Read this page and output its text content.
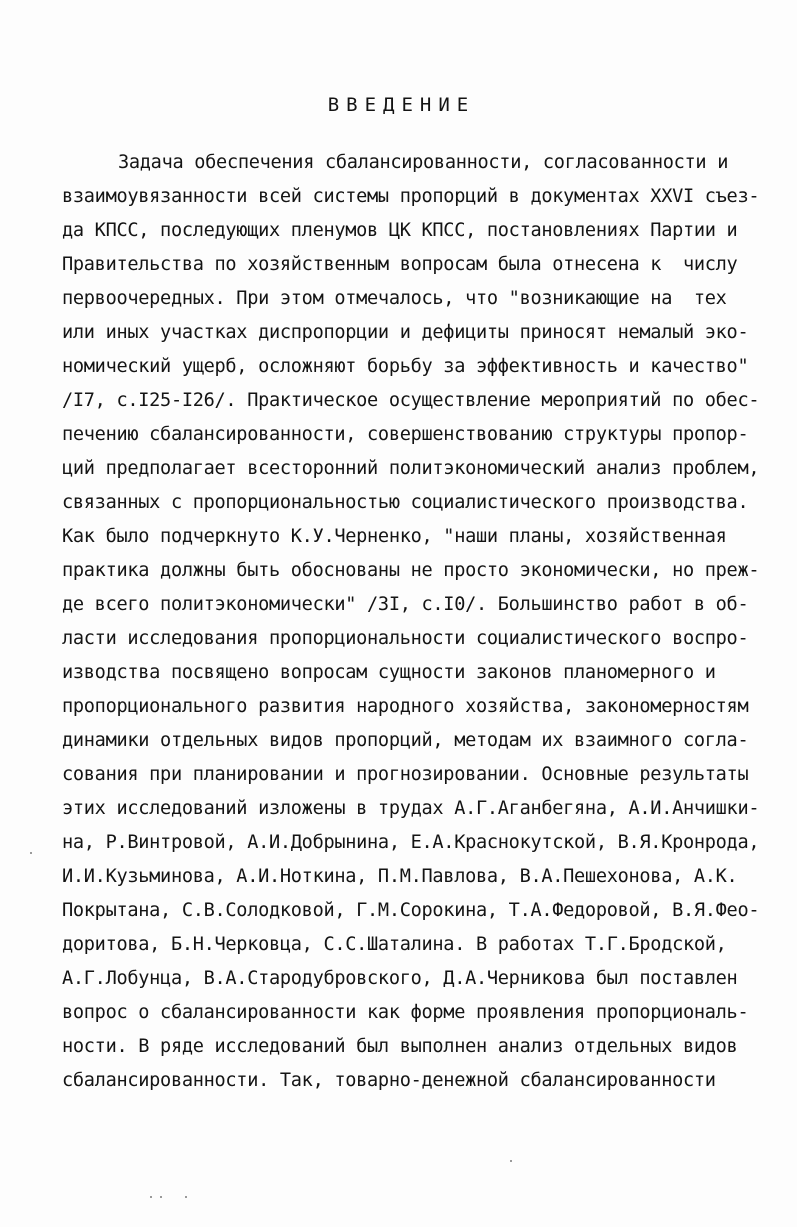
ВВЕДЕНИЕ
Задача обеспечения сбалансированности, согласованности и
взаимоувязанности всей системы пропорций в документах XXVI съез-
да КПСС, последующих пленумов ЦК КПСС, постановлениях Партии и
Правительства по хозяйственным вопросам была отнесена к  числу
первоочередных. При этом отмечалось, что "возникающие на  тех
или иных участках диспропорции и дефициты приносят немалый эко-
номический ущерб, осложняют борьбу за эффективность и качество"
/I7, с.I25-I26/. Практическое осуществление мероприятий по обес-
печению сбалансированности, совершенствованию структуры пропор-
ций предполагает всесторонний политэкономический анализ проблем,
связанных с пропорциональностью социалистического производства.
Как было подчеркнуто К.У.Черненко, "наши планы, хозяйственная
практика должны быть обоснованы не просто экономически, но преж-
де всего политэкономически" /3I, с.I0/. Большинство работ в об-
ласти исследования пропорциональности социалистического воспро-
изводства посвящено вопросам сущности законов планомерного и
пропорционального развития народного хозяйства, закономерностям
динамики отдельных видов пропорций, методам их взаимного согла-
сования при планировании и прогнозировании. Основные результаты
этих исследований изложены в трудах А.Г.Аганбегяна, А.И.Анчишки-
на, Р.Винтровой, А.И.Добрынина, Е.А.Краснокутской, В.Я.Кронрода,
И.И.Кузьминова, А.И.Ноткина, П.М.Павлова, В.А.Пешехонова, А.К.
Покрытана, С.В.Солодковой, Г.М.Сорокина, Т.А.Федоровой, В.Я.Фео-
доритова, Б.Н.Черковца, С.С.Шаталина. В работах Т.Г.Бродской,
А.Г.Лобунца, В.А.Стародубровского, Д.А.Черникова был поставлен
вопрос о сбалансированности как форме проявления пропорциональ-
ности. В ряде исследований был выполнен анализ отдельных видов
сбалансированности. Так, товарно-денежной сбалансированности
